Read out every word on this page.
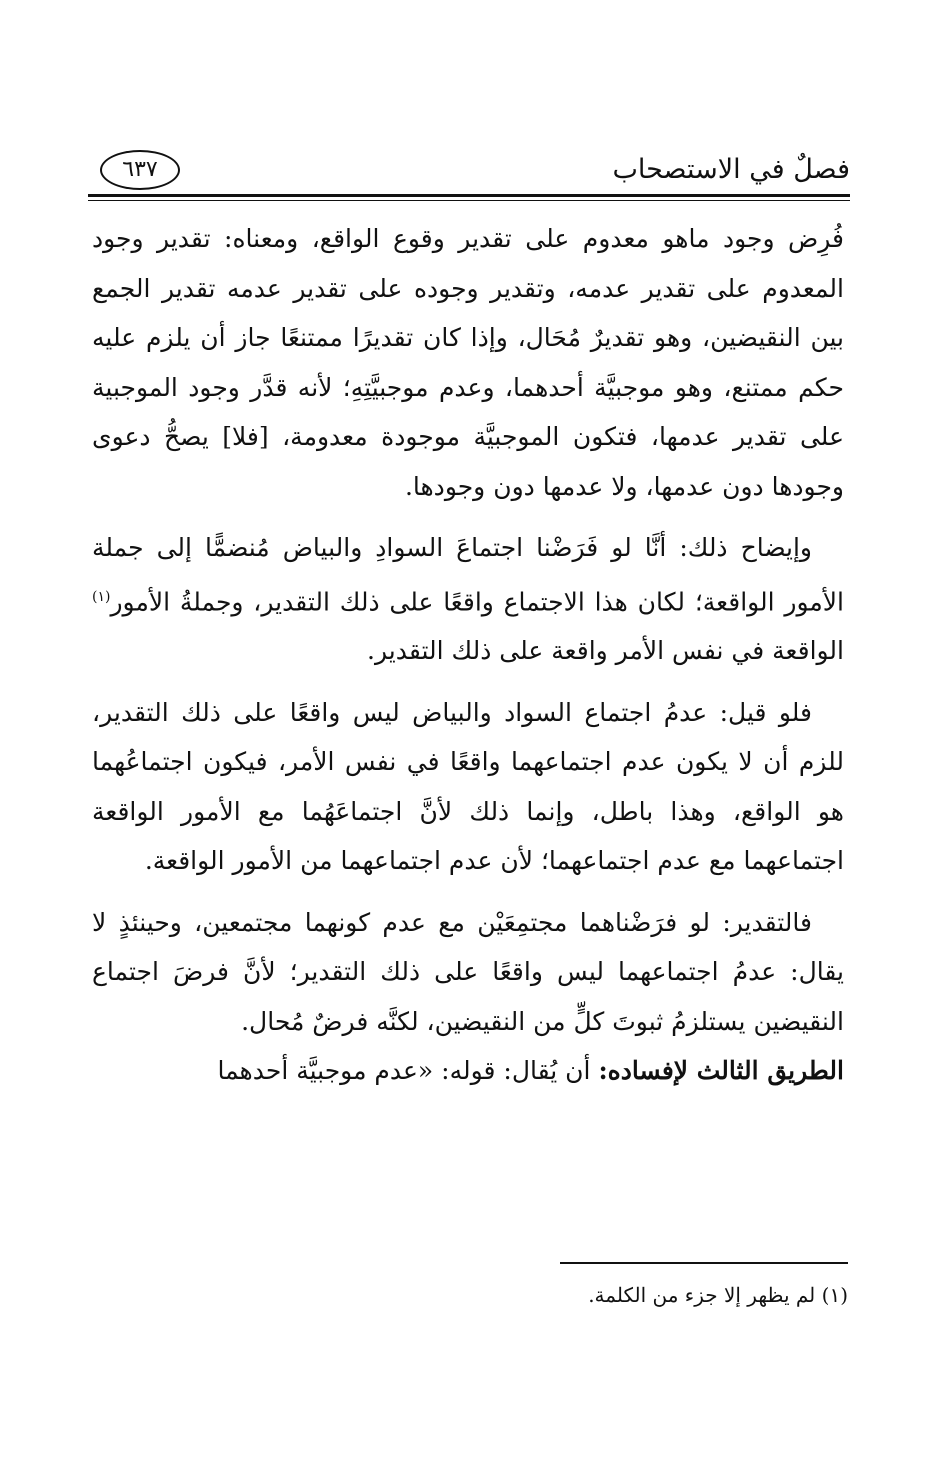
فصلٌ في الاستصحاب
٦٣٧

فُرِض وجود ماهو معدوم على تقدير وقوع الواقع، ومعناه: تقدير وجود المعدوم على تقدير عدمه، وتقدير وجوده على تقدير عدمه تقدير الجمع بين النقيضين، وهو تقديرٌ مُحَال، وإذا كان تقديرًا ممتنعًا جاز أن يلزم عليه حكم ممتنع، وهو موجبيَّة أحدهما، وعدم موجبيَّتِهِ؛ لأنه قدَّر وجود الموجبية على تقدير عدمها، فتكون الموجبيَّة موجودة معدومة، [فلا] يصحُّ دعوى وجودها دون عدمها، ولا عدمها دون وجودها.

وإيضاح ذلك: أنَّا لو فَرَضْنا اجتماعَ السوادِ والبياض مُنضمًّا إلى جملة الأمور الواقعة؛ لكان هذا الاجتماع واقعًا على ذلك التقدير، وجملةُ الأمور$^{(١)}$ الواقعة في نفس الأمر واقعة على ذلك التقدير.

فلو قيل: عدمُ اجتماع السواد والبياض ليس واقعًا على ذلك التقدير، للزم أن لا يكون عدم اجتماعهما واقعًا في نفس الأمر، فيكون اجتماعُهما هو الواقع، وهذا باطل، وإنما ذلك لأنَّ اجتماعَهُما مع الأمور الواقعة اجتماعهما مع عدم اجتماعهما؛ لأن عدم اجتماعهما من الأمور الواقعة.

فالتقدير: لو فرَضْناهما مجتمِعَيْن مع عدم كونهما مجتمعين، وحينئذٍ لا يقال: عدمُ اجتماعهما ليس واقعًا على ذلك التقدير؛ لأنَّ فرضَ اجتماع النقيضين يستلزمُ ثبوتَ كلٍّ من النقيضين، لكنَّه فرضٌ مُحال.

الطريق الثالث لإفساده: أن يُقال: قوله: «عدم موجبيَّة أحدهما

(١) لم يظهر إلا جزء من الكلمة.
